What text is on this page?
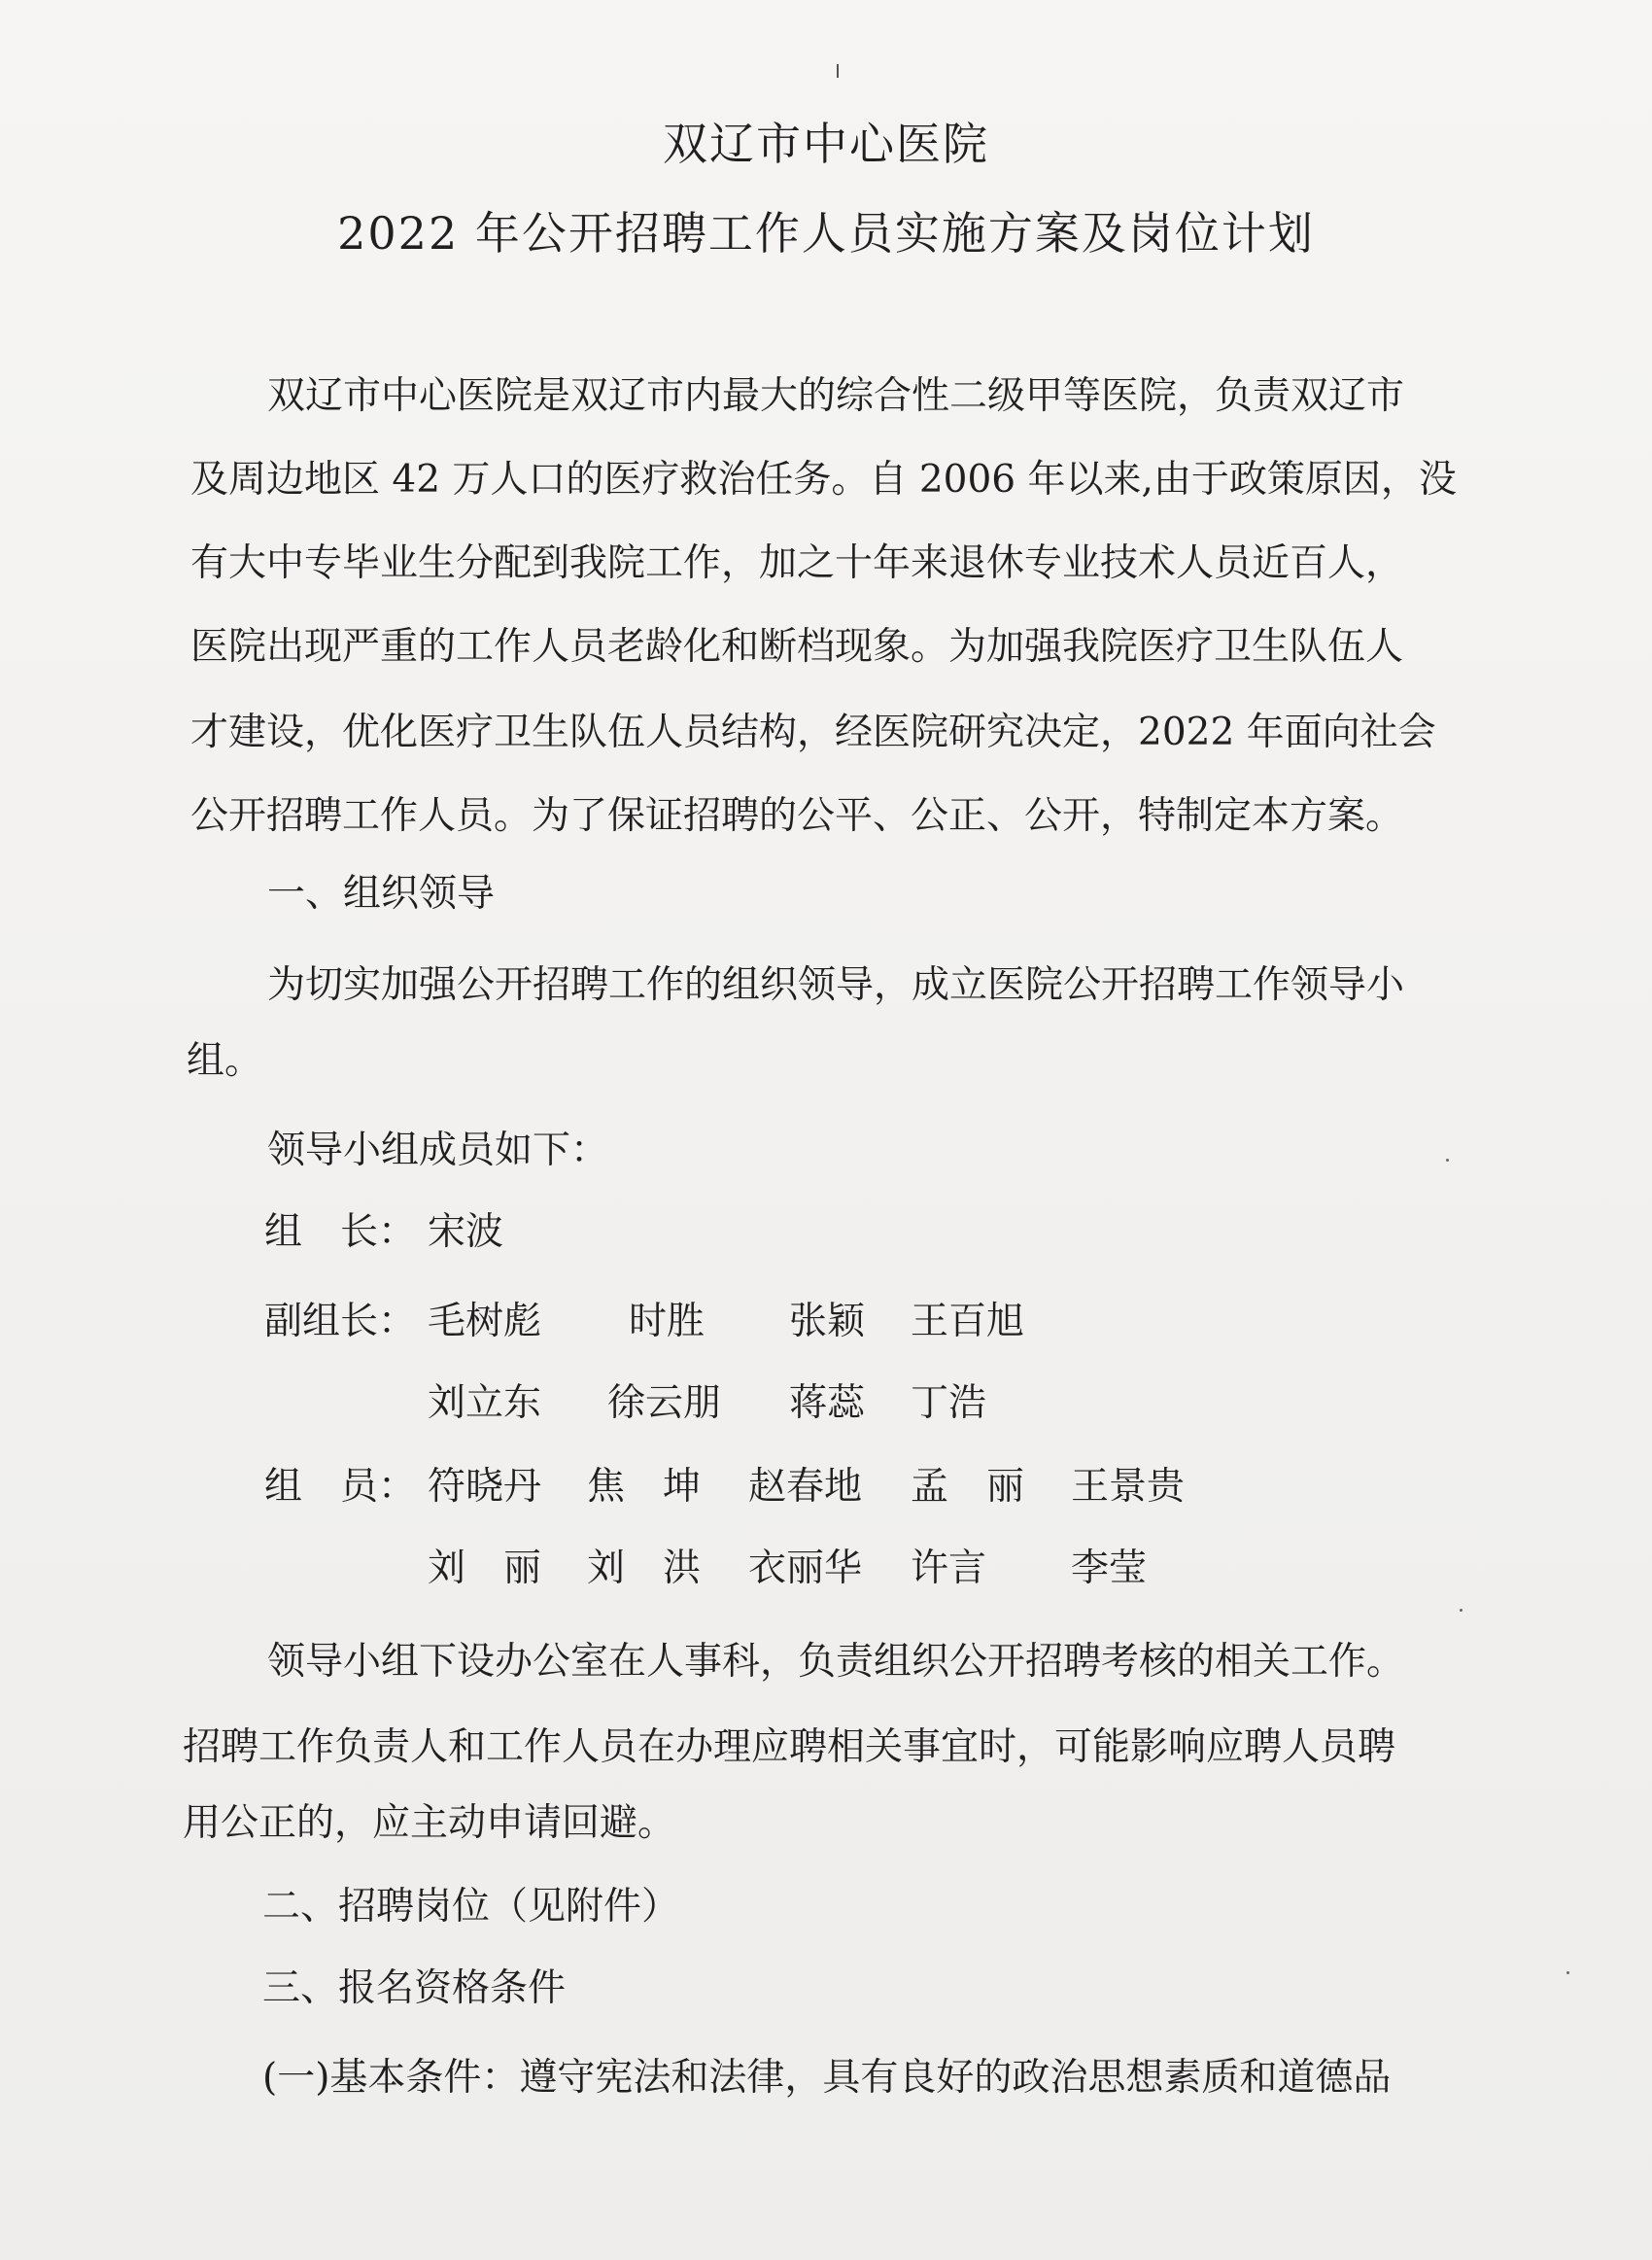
双辽市中心医院
2022 年公开招聘工作人员实施方案及岗位计划
双辽市中心医院是双辽市内最大的综合性二级甲等医院，负责双辽市
及周边地区 42 万人口的医疗救治任务。自 2006 年以来,由于政策原因，没
有大中专毕业生分配到我院工作，加之十年来退休专业技术人员近百人，
医院出现严重的工作人员老龄化和断档现象。为加强我院医疗卫生队伍人
才建设，优化医疗卫生队伍人员结构，经医院研究决定，2022 年面向社会
公开招聘工作人员。为了保证招聘的公平、公正、公开，特制定本方案。
一、组织领导
为切实加强公开招聘工作的组织领导，成立医院公开招聘工作领导小
组。
领导小组成员如下：
组　长： 宋波
副组长： 毛树彪 时胜 张颖 王百旭
刘立东 徐云朋 蒋蕊 丁浩
组　员： 符晓丹 焦　坤 赵春地 孟　丽 王景贵
刘　丽 刘　洪 衣丽华 许言 李莹
领导小组下设办公室在人事科，负责组织公开招聘考核的相关工作。
招聘工作负责人和工作人员在办理应聘相关事宜时，可能影响应聘人员聘
用公正的，应主动申请回避。
二、招聘岗位（见附件）
三、报名资格条件
(一)基本条件：遵守宪法和法律，具有良好的政治思想素质和道德品
